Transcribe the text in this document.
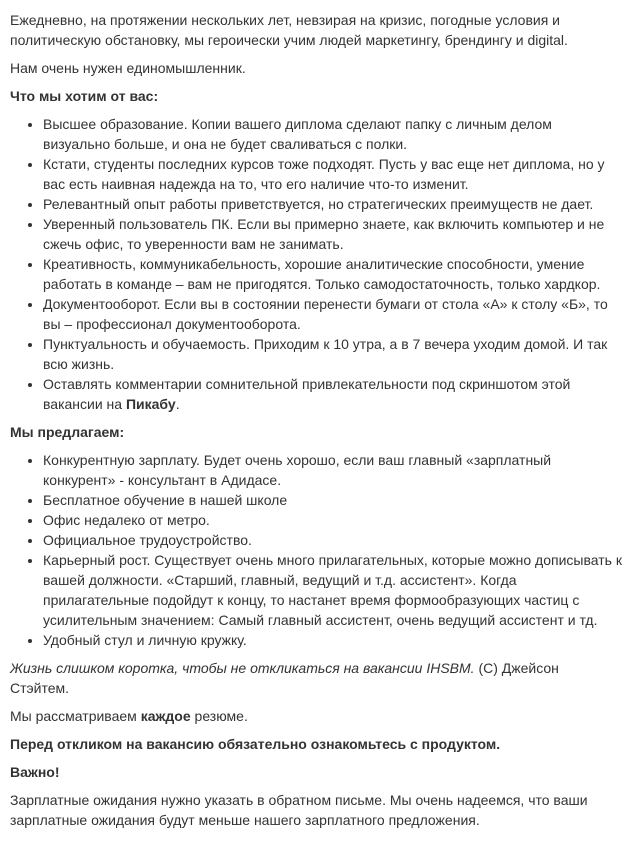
Ежедневно, на протяжении нескольких лет, невзирая на кризис, погодные условия и политическую обстановку, мы героически учим людей маркетингу, брендингу и digital.

Нам очень нужен единомышленник.

Что мы хотим от вас:

• Высшее образование. Копии вашего диплома сделают папку с личным делом визуально больше, и она не будет сваливаться с полки.
• Кстати, студенты последних курсов тоже подходят. Пусть у вас еще нет диплома, но у вас есть наивная надежда на то, что его наличие что-то изменит.
• Релевантный опыт работы приветствуется, но стратегических преимуществ не дает.
• Уверенный пользователь ПК. Если вы примерно знаете, как включить компьютер и не сжечь офис, то уверенности вам не занимать.
• Креативность, коммуникабельность, хорошие аналитические способности, умение работать в команде – вам не пригодятся. Только самодостаточность, только хардкор.
• Документооборот. Если вы в состоянии перенести бумаги от стола «А» к столу «Б», то вы – профессионал документооборота.
• Пунктуальность и обучаемость. Приходим к 10 утра, а в 7 вечера уходим домой. И так всю жизнь.
• Оставлять комментарии сомнительной привлекательности под скриншотом этой вакансии на Пикабу.

Мы предлагаем:

• Конкурентную зарплату. Будет очень хорошо, если ваш главный «зарплатный конкурент» - консультант в Адидасе.
• Бесплатное обучение в нашей школе
• Офис недалеко от метро.
• Официальное трудоустройство.
• Карьерный рост. Существует очень много прилагательных, которые можно дописывать к вашей должности. «Старший, главный, ведущий и т.д. ассистент». Когда прилагательные подойдут к концу, то настанет время формообразующих частиц с усилительным значением: Самый главный ассистент, очень ведущий ассистент и тд.
• Удобный стул и личную кружку.

Жизнь слишком коротка, чтобы не откликаться на вакансии IHSBM. (С) Джейсон Стэйтем.

Мы рассматриваем каждое резюме.

Перед откликом на вакансию обязательно ознакомьтесь с продуктом.

Важно!

Зарплатные ожидания нужно указать в обратном письме. Мы очень надеемся, что ваши зарплатные ожидания будут меньше нашего зарплатного предложения.
